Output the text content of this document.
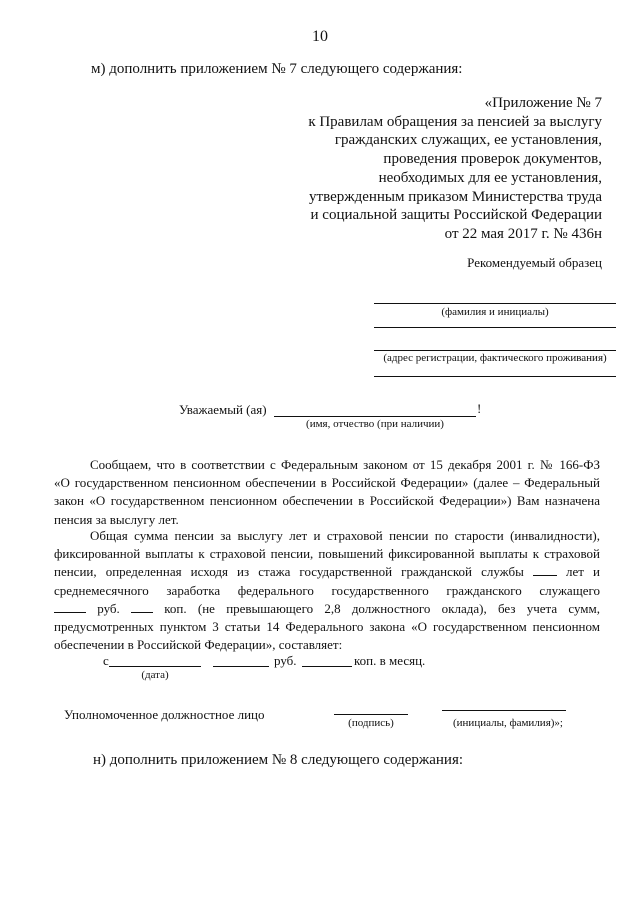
10
м) дополнить приложением № 7 следующего содержания:
«Приложение № 7
к Правилам обращения за пенсией за выслугу
гражданских служащих, ее установления,
проведения проверок документов,
необходимых для ее установления,
утвержденным приказом Министерства труда
и социальной защиты Российской Федерации
от 22 мая 2017 г. № 436н
Рекомендуемый образец
(фамилия и инициалы)
(адрес регистрации, фактического проживания)
Уважаемый (ая)	!
(имя, отчество (при наличии)
Сообщаем, что в соответствии с Федеральным законом от 15 декабря 2001 г. № 166-ФЗ
«О государственном пенсионном обеспечении в Российской Федерации» (далее – Федеральный
закон «О государственном пенсионном обеспечении в Российской Федерации») Вам назначена
пенсия за выслугу лет.
Общая сумма пенсии за выслугу лет и страховой пенсии по старости (инвалидности),
фиксированной выплаты к страховой пенсии, повышений фиксированной выплаты к страховой
пенсии, определенная исходя из стажа государственной гражданской службы	лет и
среднемесячного заработка федерального государственного гражданского служащего
руб.	коп. (не превышающего 2,8 должностного оклада), без учета сумм,
предусмотренных пунктом 3 статьи 14 Федерального закона «О государственном пенсионном
обеспечении в Российской Федерации», составляет:
с	руб.	коп. в месяц.
(дата)
Уполномоченное должностное лицо
(подпись)	(инициалы, фамилия)»;
н) дополнить приложением № 8 следующего содержания:
